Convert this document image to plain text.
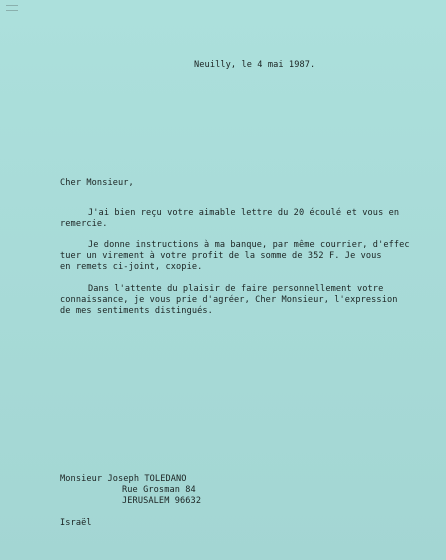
Neuilly, le 4 mai 1987.
Cher Monsieur,
J'ai bien reçu votre aimable lettre du 20 écoulé et vous en
remercie.
Je donne instructions à ma banque, par même courrier, d'effec
tuer un virement à votre profit de la somme de 352 F. Je vous
en remets ci-joint, cxopie.
Dans l'attente du plaisir de faire personnellement votre
connaissance, je vous prie d'agréer, Cher Monsieur, l'expression
de mes sentiments distingués.
Monsieur Joseph TOLEDANO
Rue Grosman 84
JERUSALEM 96632
Israël
